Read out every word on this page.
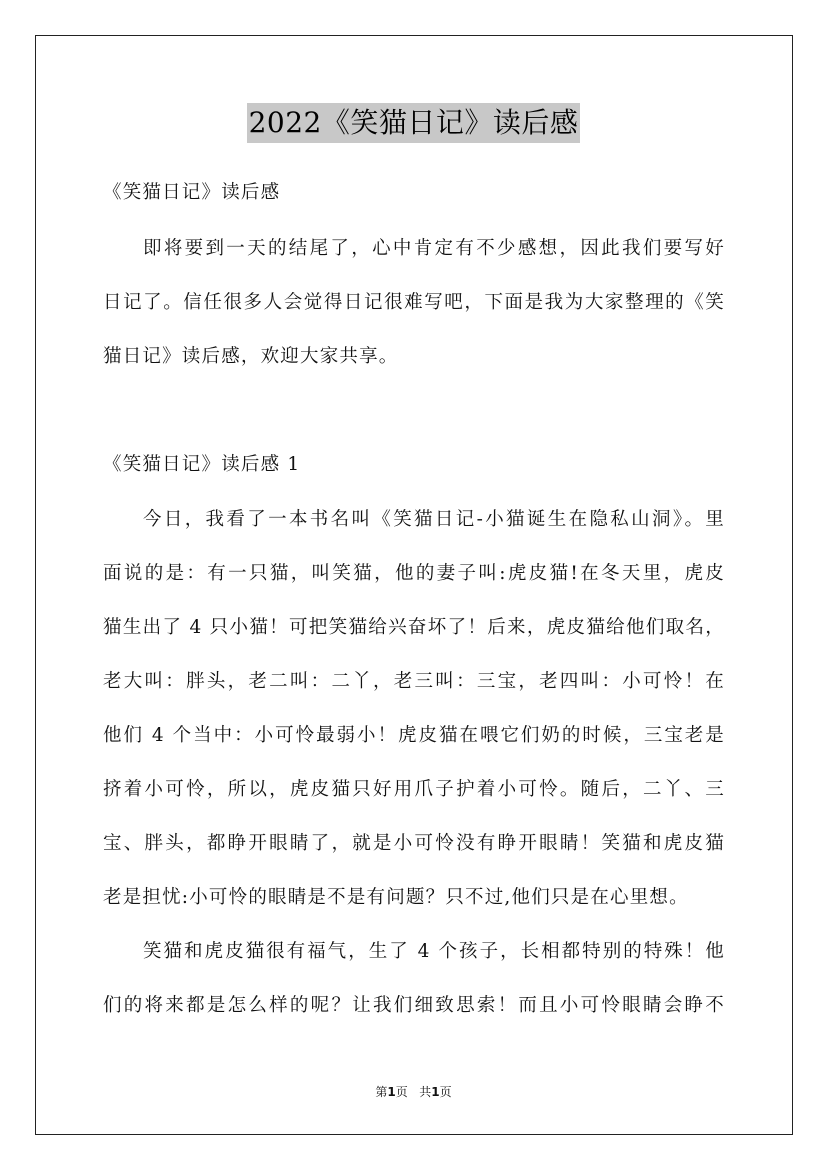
2022《笑猫日记》读后感
《笑猫日记》读后感
即将要到一天的结尾了，心中肯定有不少感想，因此我们要写好
日记了。信任很多人会觉得日记很难写吧，下面是我为大家整理的《笑
猫日记》读后感，欢迎大家共享。
《笑猫日记》读后感 1
今日，我看了一本书名叫《笑猫日记-小猫诞生在隐私山洞》。里
面说的是：有一只猫，叫笑猫，他的妻子叫:虎皮猫!在冬天里，虎皮
猫生出了 4 只小猫！可把笑猫给兴奋坏了！后来，虎皮猫给他们取名，
老大叫：胖头，老二叫：二丫，老三叫：三宝，老四叫：小可怜！在
他们 4 个当中：小可怜最弱小！虎皮猫在喂它们奶的时候，三宝老是
挤着小可怜，所以，虎皮猫只好用爪子护着小可怜。随后，二丫、三
宝、胖头，都睁开眼睛了，就是小可怜没有睁开眼睛！笑猫和虎皮猫
老是担忧:小可怜的眼睛是不是有问题？只不过,他们只是在心里想。
笑猫和虎皮猫很有福气，生了 4 个孩子，长相都特别的特殊！他
们的将来都是怎么样的呢？让我们细致思索！而且小可怜眼睛会睁不
第1页   共1页
